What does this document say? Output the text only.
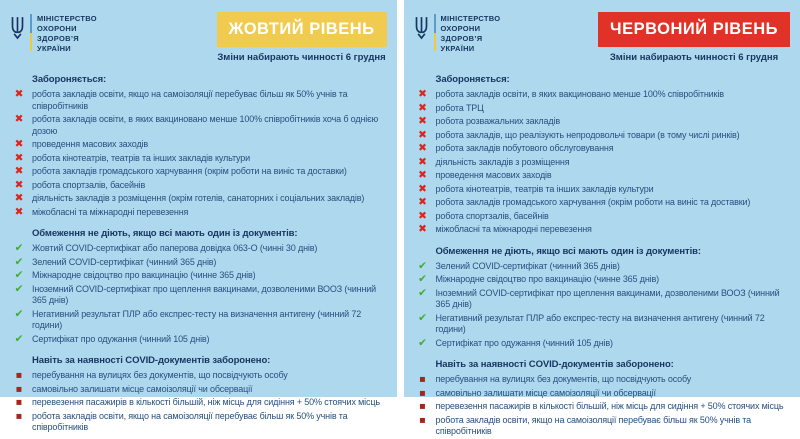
МІНІСТЕРСТВО
ОХОРОНИ
ЗДОРОВ’Я
УКРАЇНИ
ЖОВТИЙ РІВЕНЬ
Зміни набирають чинності 6 грудня
Забороняється:
✖ робота закладів освіти, якщо на самоізоляції перебуває більш як 50% учнів та співробітників
✖ робота закладів освіти, в яких вакциновано менше 100% співробітників хоча б однією дозою
✖ проведення масових заходів
✖ робота кінотеатрів, театрів та інших закладів культури
✖ робота закладів громадського харчування (окрім роботи на виніс та доставки)
✖ робота спортзалів, басейнів
✖ діяльність закладів з розміщення (окрім готелів, санаторних і соціальних закладів)
✖ міжобласні та міжнародні перевезення
Обмеження не діють, якщо всі мають один із документів:
✔ Жовтий COVID-сертифікат або паперова довідка 063-О (чинні 30 днів)
✔ Зелений COVID-сертифікат (чинний 365 днів)
✔ Міжнародне свідоцтво про вакцинацію (чинне 365 днів)
✔ Іноземний COVID-сертифікат про щеплення вакцинами, дозволеними ВООЗ (чинний 365 днів)
✔ Негативний результат ПЛР або експрес-тесту на визначення антигену (чинний 72 години)
✔ Сертифікат про одужання (чинний 105 днів)
Навіть за наявності COVID-документів заборонено:
■	перебування на вулицях без документів, що посвідчують особу
■	самовільно залишати місце самоізоляції чи обсервації
■	перевезення пасажирів в кількості більшій, ніж місць для сидіння + 50% стоячих місць
■	робота закладів освіти, якщо на самоізоляції перебуває більш як 50% учнів та співробітників
МІНІСТЕРСТВО
ОХОРОНИ
ЗДОРОВ’Я
УКРАЇНИ
ЧЕРВОНИЙ РІВЕНЬ
Зміни набирають чинності 6 грудня
Забороняється:
✖ робота закладів освіти, в яких вакциновано менше 100% співробітників
✖ робота ТРЦ
✖ робота розважальних закладів
✖ робота закладів, що реалізують непродовольчі товари (в тому числі ринків)
✖ робота закладів побутового обслуговування
✖ діяльність закладів з розміщення
✖ проведення масових заходів
✖ робота кінотеатрів, театрів та інших закладів культури
✖ робота закладів громадського харчування (окрім роботи на виніс та доставки)
✖ робота спортзалів, басейнів
✖ міжобласні та міжнародні перевезення
Обмеження не діють, якщо всі мають один із документів:
✔ Зелений COVID-сертифікат (чинний 365 днів)
✔ Міжнародне свідоцтво про вакцинацію (чинне 365 днів)
✔ Іноземний COVID-сертифікат про щеплення вакцинами, дозволеними ВООЗ (чинний 365 днів)
✔ Негативний результат ПЛР або експрес-тесту на визначення антигену (чинний 72 години)
✔ Сертифікат про одужання (чинний 105 днів)
Навіть за наявності COVID-документів заборонено:
■	перебування на вулицях без документів, що посвідчують особу
■	самовільно залишати місце самоізоляції чи обсервації
■	перевезення пасажирів в кількості більшій, ніж місць для сидіння + 50% стоячих місць
■	робота закладів освіти, якщо на самоізоляції перебуває більш як 50% учнів та співробітників
